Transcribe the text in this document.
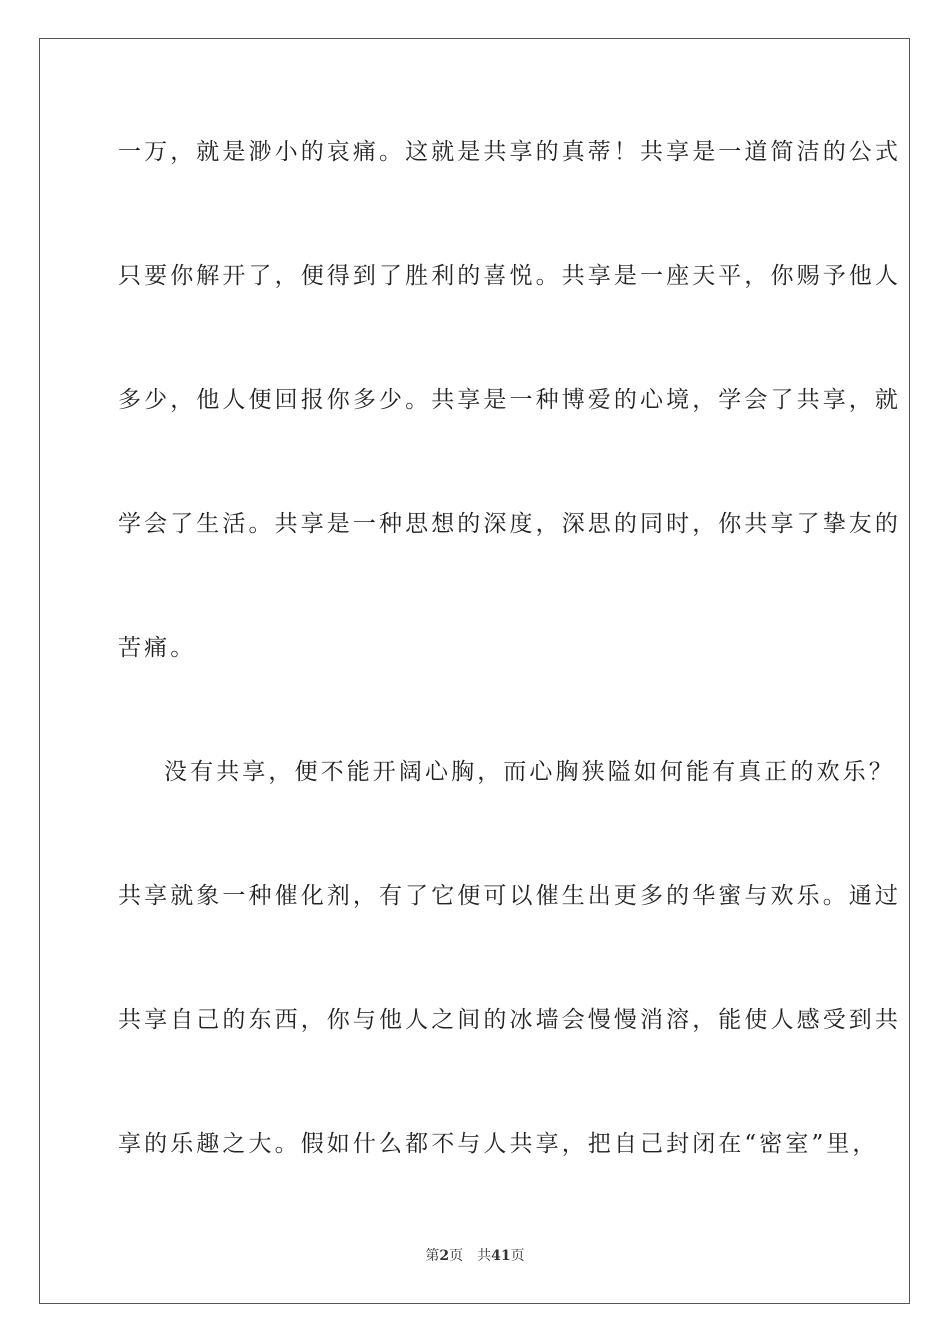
一万，就是渺小的哀痛。这就是共享的真蒂！共享是一道简洁的公式
只要你解开了，便得到了胜利的喜悦。共享是一座天平，你赐予他人
多少，他人便回报你多少。共享是一种博爱的心境，学会了共享，就
学会了生活。共享是一种思想的深度，深思的同时，你共享了挚友的
苦痛。
没有共享，便不能开阔心胸，而心胸狭隘如何能有真正的欢乐？
共享就象一种催化剂，有了它便可以催生出更多的华蜜与欢乐。通过
共享自己的东西，你与他人之间的冰墙会慢慢消溶，能使人感受到共
享的乐趣之大。假如什么都不与人共享，把自己封闭在“密室”里，
第2页 共41页
